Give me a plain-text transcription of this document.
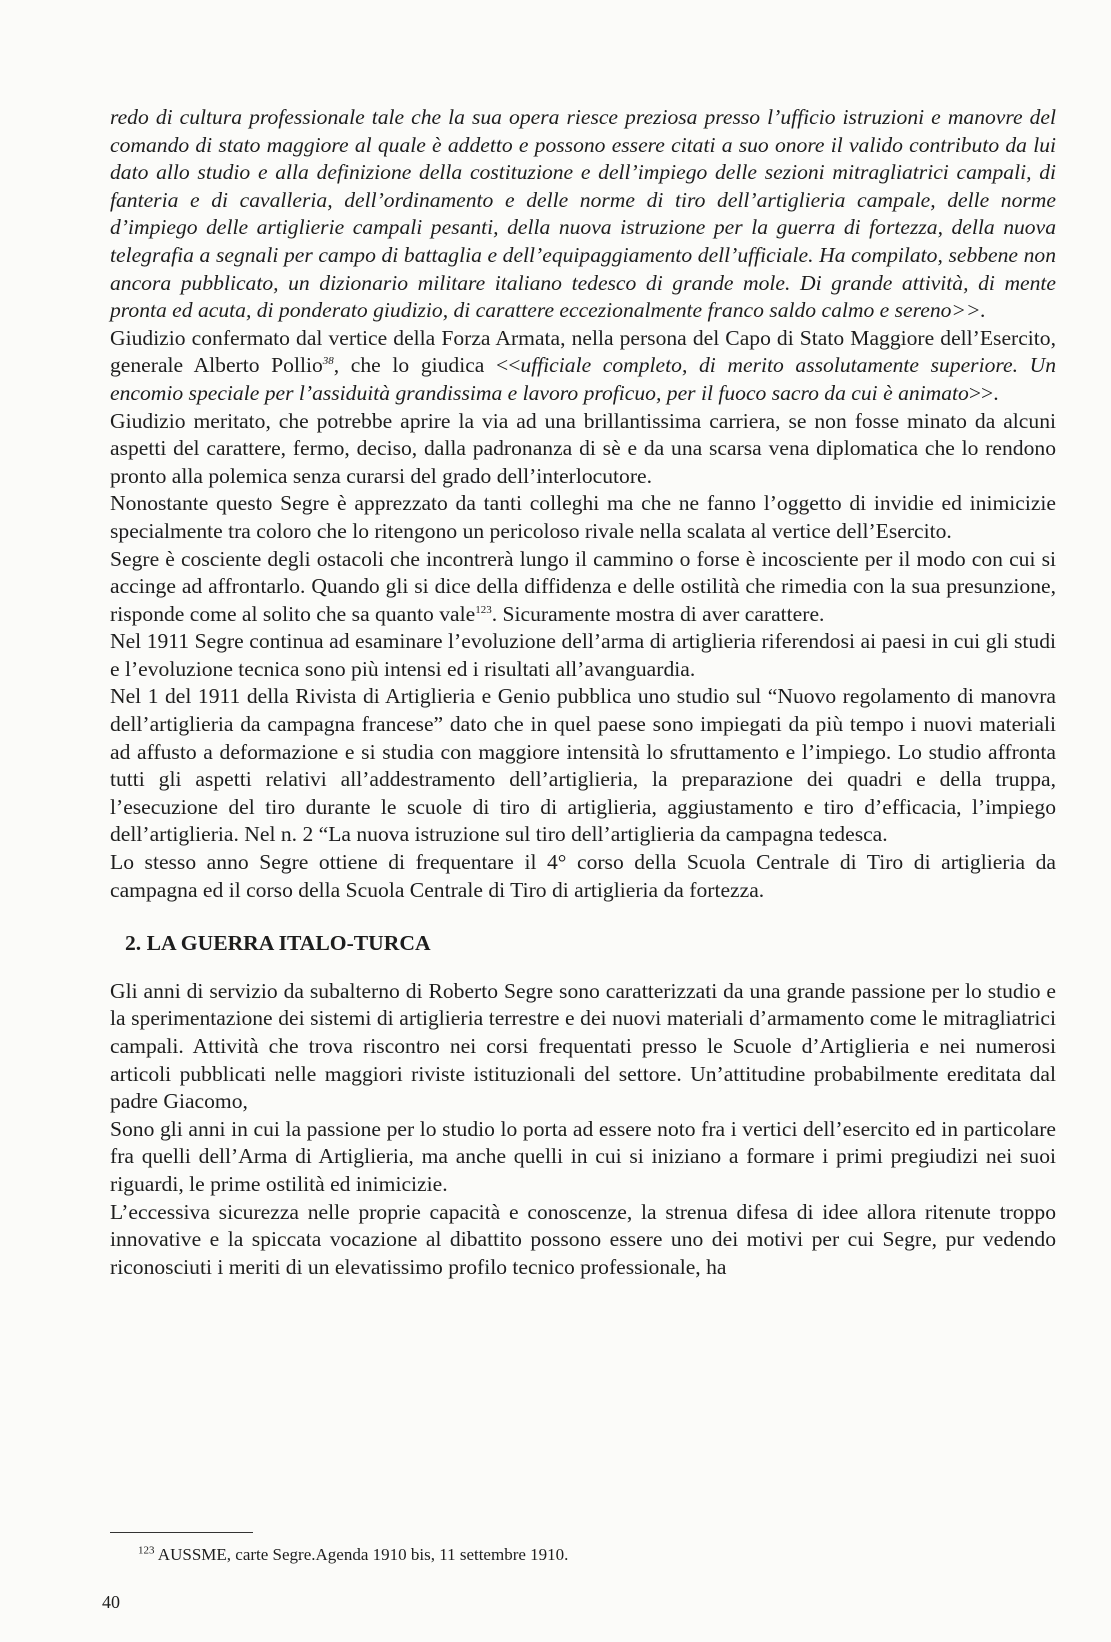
redo di cultura professionale tale che la sua opera riesce preziosa presso l’ufficio istruzioni e manovre del comando di stato maggiore al quale è addetto e possono essere citati a suo onore il valido contributo da lui dato allo studio e alla definizione della costituzione e dell’impiego delle sezioni mitragliatrici campali, di fanteria e di cavalleria, dell’ordinamento e delle norme di tiro dell’artiglieria campale, delle norme d’impiego delle artiglierie campali pesanti, della nuova istruzione per la guerra di fortezza, della nuova telegrafia a segnali per campo di battaglia e dell’equipaggiamento dell’ufficiale. Ha compilato, sebbene non ancora pubblicato, un dizionario militare italiano tedesco di grande mole. Di grande attività, di mente pronta ed acuta, di ponderato giudizio, di carattere eccezionalmente franco saldo calmo e sereno>>.

Giudizio confermato dal vertice della Forza Armata, nella persona del Capo di Stato Maggiore dell’Esercito, generale Alberto Pollio$^{38}$, che lo giudica <<ufficiale completo, di merito assolutamente superiore. Un encomio speciale per l’assiduità grandissima e lavoro proficuo, per il fuoco sacro da cui è animato>>.

Giudizio meritato, che potrebbe aprire la via ad una brillantissima carriera, se non fosse minato da alcuni aspetti del carattere, fermo, deciso, dalla padronanza di sè e da una scarsa vena diplomatica che lo rendono pronto alla polemica senza curarsi del grado dell’interlocutore.

Nonostante questo Segre è apprezzato da tanti colleghi ma che ne fanno l’oggetto di invidie ed inimicizie specialmente tra coloro che lo ritengono un pericoloso rivale nella scalata al vertice dell’Esercito.

Segre è cosciente degli ostacoli che incontrerà lungo il cammino o forse è incosciente per il modo con cui si accinge ad affrontarlo. Quando gli si dice della diffidenza e delle ostilità che rimedia con la sua presunzione, risponde come al solito che sa quanto vale$^{123}$. Sicuramente mostra di aver carattere.

Nel 1911 Segre continua ad esaminare l’evoluzione dell’arma di artiglieria riferendosi ai paesi in cui gli studi e l’evoluzione tecnica sono più intensi ed i risultati all’avanguardia.

Nel 1 del 1911 della Rivista di Artiglieria e Genio pubblica uno studio sul “Nuovo regolamento di manovra dell’artiglieria da campagna francese” dato che in quel paese sono impiegati da più tempo i nuovi materiali ad affusto a deformazione e si studia con maggiore intensità lo sfruttamento e l’impiego. Lo studio affronta tutti gli aspetti relativi all’addestramento dell’artiglieria, la preparazione dei quadri e della truppa, l’esecuzione del tiro durante le scuole di tiro di artiglieria, aggiustamento e tiro d’efficacia, l’impiego dell’artiglieria. Nel n. 2 “La nuova istruzione sul tiro dell’artiglieria da campagna tedesca.

Lo stesso anno Segre ottiene di frequentare il 4° corso della Scuola Centrale di Tiro di artiglieria da campagna ed il corso della Scuola Centrale di Tiro di artiglieria da fortezza.

2. LA GUERRA ITALO-TURCA

Gli anni di servizio da subalterno di Roberto Segre sono caratterizzati da una grande passione per lo studio e la sperimentazione dei sistemi di artiglieria terrestre e dei nuovi materiali d’armamento come le mitragliatrici campali. Attività che trova riscontro nei corsi frequentati presso le Scuole d’Artiglieria e nei numerosi articoli pubblicati nelle maggiori riviste istituzionali del settore. Un’attitudine probabilmente ereditata dal padre Giacomo,

Sono gli anni in cui la passione per lo studio lo porta ad essere noto fra i vertici dell’esercito ed in particolare fra quelli dell’Arma di Artiglieria, ma anche quelli in cui si iniziano a formare i primi pregiudizi nei suoi riguardi, le prime ostilità ed inimicizie.

L’eccessiva sicurezza nelle proprie capacità e conoscenze, la strenua difesa di idee allora ritenute troppo innovative e la spiccata vocazione al dibattito possono essere uno dei motivi per cui Segre, pur vedendo riconosciuti i meriti di un elevatissimo profilo tecnico professionale, ha

$^{123}$ AUSSME, carte Segre.Agenda 1910 bis, 11 settembre 1910.
40
